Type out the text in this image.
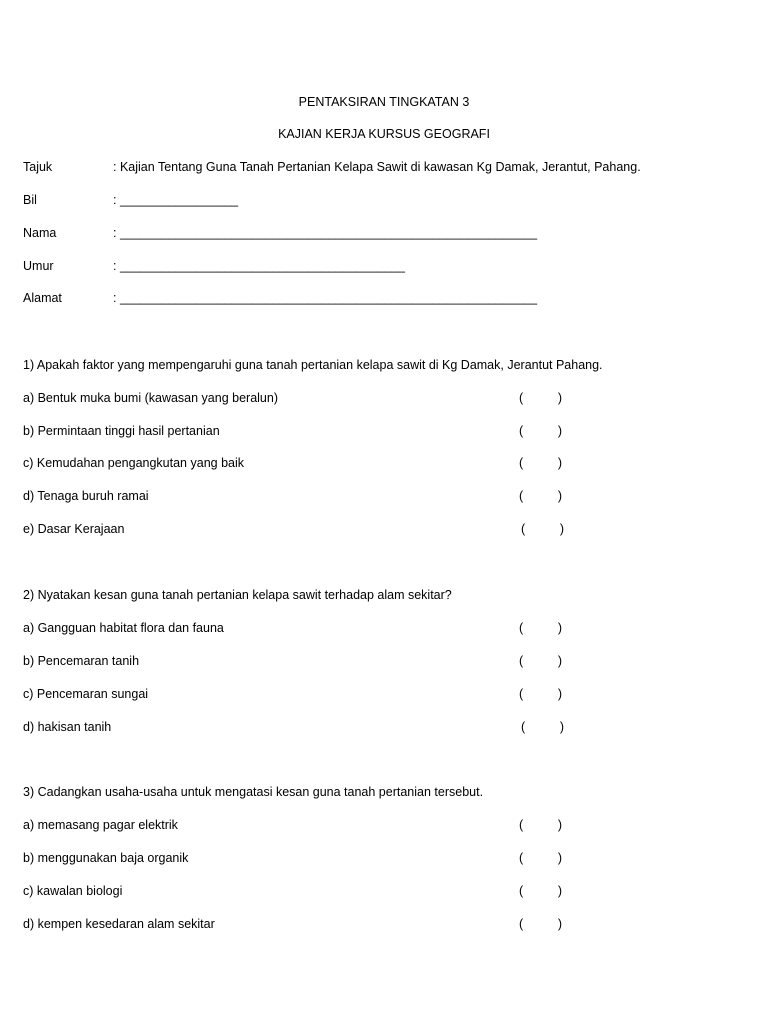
PENTAKSIRAN TINGKATAN 3
KAJIAN KERJA KURSUS GEOGRAFI
Tajuk	: Kajian Tentang Guna Tanah Pertanian Kelapa Sawit di kawasan Kg Damak, Jerantut, Pahang.
Bil	: _________________
Nama	: ____________________________________________________________
Umur	: _________________________________________
Alamat	: ____________________________________________________________
1) Apakah faktor yang mempengaruhi guna tanah pertanian kelapa sawit di Kg Damak, Jerantut Pahang.
a) Bentuk muka bumi (kawasan yang beralun)	(          )
b) Permintaan tinggi hasil pertanian	(          )
c) Kemudahan pengangkutan yang baik	(          )
d) Tenaga buruh ramai	(          )
e) Dasar Kerajaan	(          )
2) Nyatakan kesan guna tanah pertanian kelapa sawit terhadap alam sekitar?
a) Gangguan habitat flora dan fauna	(          )
b) Pencemaran tanih	(          )
c) Pencemaran sungai	(          )
d) hakisan tanih	(          )
3) Cadangkan usaha-usaha untuk mengatasi kesan guna tanah pertanian tersebut.
a) memasang pagar elektrik	(          )
b) menggunakan baja organik	(          )
c) kawalan biologi	(          )
d) kempen kesedaran alam sekitar	(          )
